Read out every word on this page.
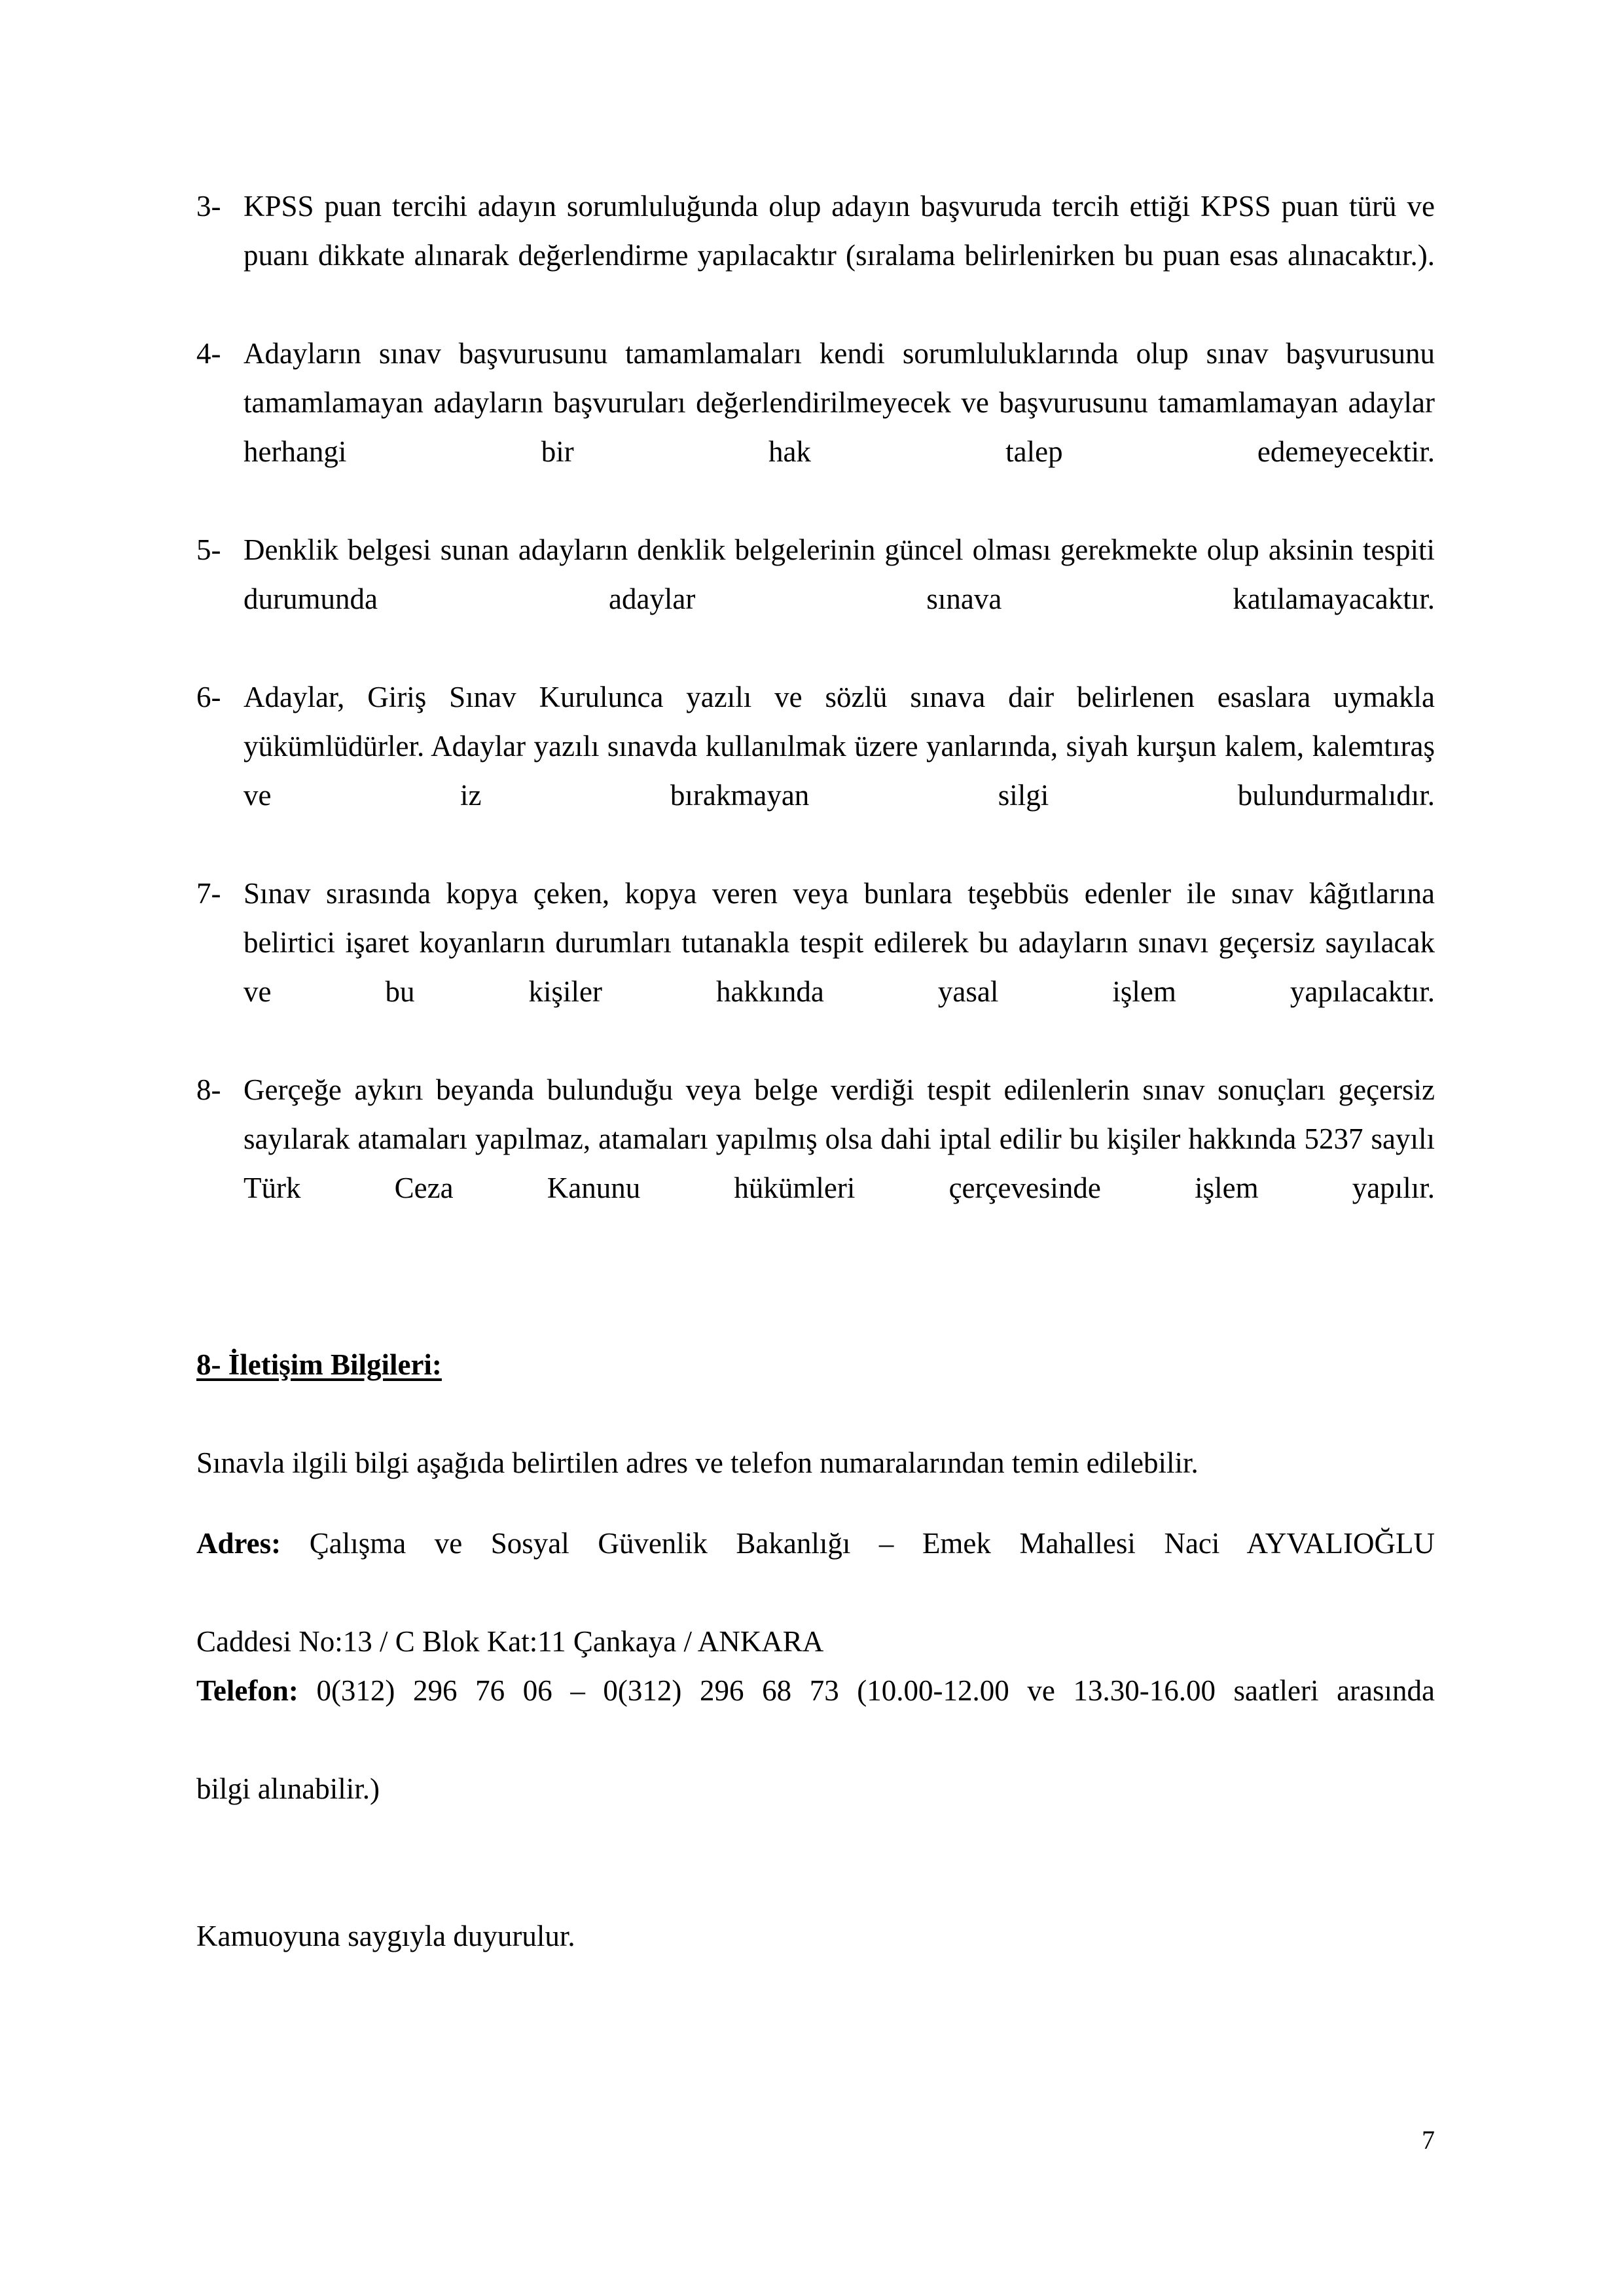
3- KPSS puan tercihi adayın sorumluluğunda olup adayın başvuruda tercih ettiği KPSS puan türü ve puanı dikkate alınarak değerlendirme yapılacaktır (sıralama belirlenirken bu puan esas alınacaktır.).
4- Adayların sınav başvurusunu tamamlamaları kendi sorumluluklarında olup sınav başvurusunu tamamlamayan adayların başvuruları değerlendirilmeyecek ve başvurusunu tamamlamayan adaylar herhangi bir hak talep edemeyecektir.
5- Denklik belgesi sunan adayların denklik belgelerinin güncel olması gerekmekte olup aksinin tespiti durumunda adaylar sınava katılamayacaktır.
6- Adaylar, Giriş Sınav Kurulunca yazılı ve sözlü sınava dair belirlenen esaslara uymakla yükümlüdürler. Adaylar yazılı sınavda kullanılmak üzere yanlarında, siyah kurşun kalem, kalemtıraş ve iz bırakmayan silgi bulundurmalıdır.
7- Sınav sırasında kopya çeken, kopya veren veya bunlara teşebbüs edenler ile sınav kâğıtlarına belirtici işaret koyanların durumları tutanakla tespit edilerek bu adayların sınavı geçersiz sayılacak ve bu kişiler hakkında yasal işlem yapılacaktır.
8- Gerçeğe aykırı beyanda bulunduğu veya belge verdiği tespit edilenlerin sınav sonuçları geçersiz sayılarak atamaları yapılmaz, atamaları yapılmış olsa dahi iptal edilir bu kişiler hakkında 5237 sayılı Türk Ceza Kanunu hükümleri çerçevesinde işlem yapılır.
8- İletişim Bilgileri:

Sınavla ilgili bilgi aşağıda belirtilen adres ve telefon numaralarından temin edilebilir.

Adres: Çalışma ve Sosyal Güvenlik Bakanlığı – Emek Mahallesi Naci AYVALIOĞLU
Caddesi No:13 / C Blok Kat:11 Çankaya / ANKARA
Telefon: 0(312) 296 76 06 – 0(312) 296 68 73 (10.00-12.00 ve 13.30-16.00 saatleri arasında
bilgi alınabilir.)

Kamuoyuna saygıyla duyurulur.

7
